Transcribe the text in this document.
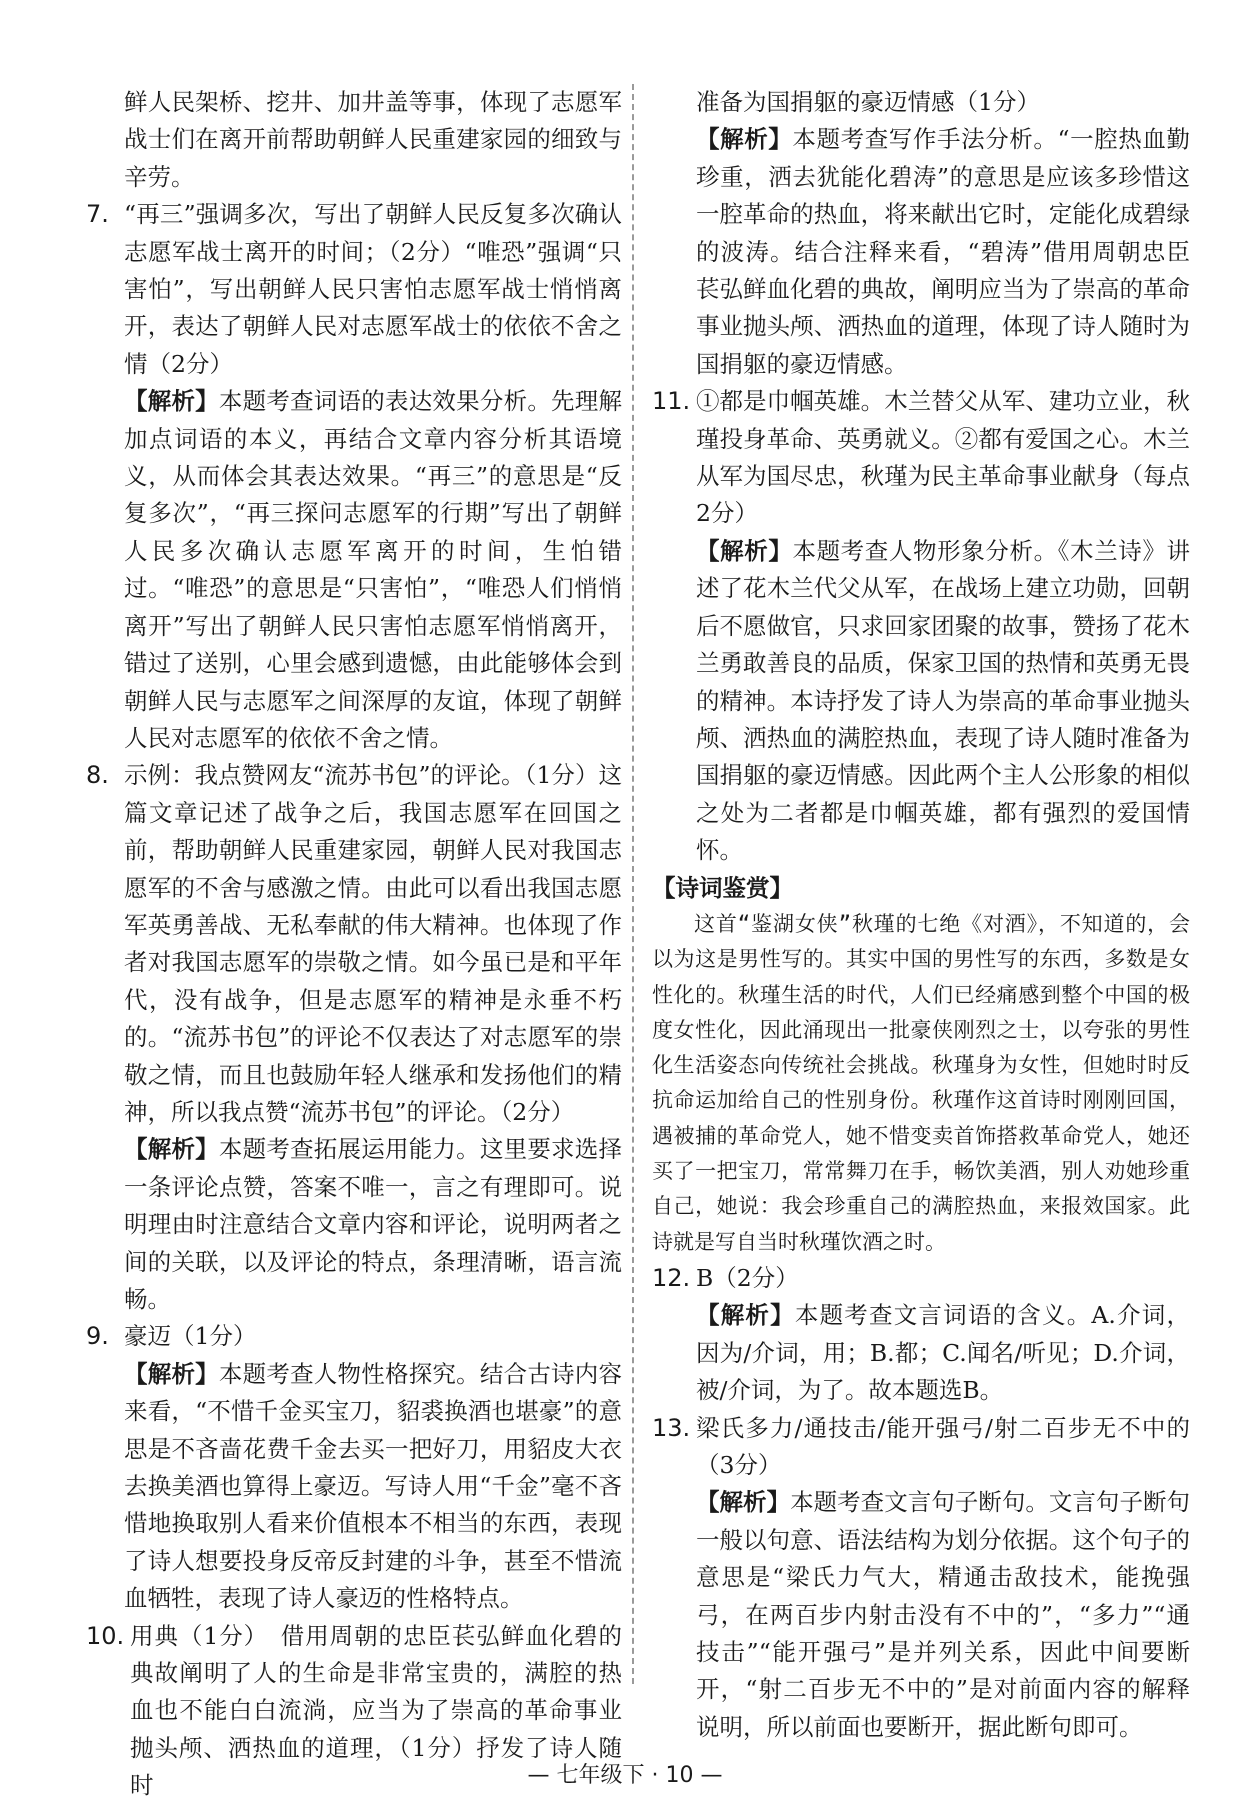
鲜人民架桥、挖井、加井盖等事，体现了志愿军战士们在离开前帮助朝鲜人民重建家园的细致与辛劳。

7. “再三”强调多次，写出了朝鲜人民反复多次确认志愿军战士离开的时间；（2分）“唯恐”强调“只害怕”，写出朝鲜人民只害怕志愿军战士悄悄离开，表达了朝鲜人民对志愿军战士的依依不舍之情（2分）

【解析】本题考查词语的表达效果分析。先理解加点词语的本义，再结合文章内容分析其语境义，从而体会其表达效果。“再三”的意思是“反复多次”，“再三探问志愿军的行期”写出了朝鲜人民多次确认志愿军离开的时间，生怕错过。“唯恐”的意思是“只害怕”，“唯恐人们悄悄离开”写出了朝鲜人民只害怕志愿军悄悄离开，错过了送别，心里会感到遗憾，由此能够体会到朝鲜人民与志愿军之间深厚的友谊，体现了朝鲜人民对志愿军的依依不舍之情。

8. 示例：我点赞网友“流苏书包”的评论。（1分）这篇文章记述了战争之后，我国志愿军在回国之前，帮助朝鲜人民重建家园，朝鲜人民对我国志愿军的不舍与感激之情。由此可以看出我国志愿军英勇善战、无私奉献的伟大精神。也体现了作者对我国志愿军的崇敬之情。如今虽已是和平年代，没有战争，但是志愿军的精神是永垂不朽的。“流苏书包”的评论不仅表达了对志愿军的崇敬之情，而且也鼓励年轻人继承和发扬他们的精神，所以我点赞“流苏书包”的评论。（2分）

【解析】本题考查拓展运用能力。这里要求选择一条评论点赞，答案不唯一，言之有理即可。说明理由时注意结合文章内容和评论，说明两者之间的关联，以及评论的特点，条理清晰，语言流畅。

9. 豪迈（1分）

【解析】本题考查人物性格探究。结合古诗内容来看，“不惜千金买宝刀，貂裘换酒也堪豪”的意思是不吝啬花费千金去买一把好刀，用貂皮大衣去换美酒也算得上豪迈。写诗人用“千金”毫不吝惜地换取别人看来价值根本不相当的东西，表现了诗人想要投身反帝反封建的斗争，甚至不惜流血牺牲，表现了诗人豪迈的性格特点。

10. 用典（1分）　借用周朝的忠臣苌弘鲜血化碧的典故阐明了人的生命是非常宝贵的，满腔的热血也不能白白流淌，应当为了崇高的革命事业抛头颅、洒热血的道理，（1分）抒发了诗人随时

准备为国捐躯的豪迈情感（1分）

【解析】本题考查写作手法分析。“一腔热血勤珍重，洒去犹能化碧涛”的意思是应该多珍惜这一腔革命的热血，将来献出它时，定能化成碧绿的波涛。结合注释来看，“碧涛”借用周朝忠臣苌弘鲜血化碧的典故，阐明应当为了崇高的革命事业抛头颅、洒热血的道理，体现了诗人随时为国捐躯的豪迈情感。

11. ①都是巾帼英雄。木兰替父从军、建功立业，秋瑾投身革命、英勇就义。②都有爱国之心。木兰从军为国尽忠，秋瑾为民主革命事业献身（每点2分）

【解析】本题考查人物形象分析。《木兰诗》讲述了花木兰代父从军，在战场上建立功勋，回朝后不愿做官，只求回家团聚的故事，赞扬了花木兰勇敢善良的品质，保家卫国的热情和英勇无畏的精神。本诗抒发了诗人为崇高的革命事业抛头颅、洒热血的满腔热血，表现了诗人随时准备为国捐躯的豪迈情感。因此两个主人公形象的相似之处为二者都是巾帼英雄，都有强烈的爱国情怀。

【诗词鉴赏】

这首“鉴湖女侠”秋瑾的七绝《对酒》，不知道的，会以为这是男性写的。其实中国的男性写的东西，多数是女性化的。秋瑾生活的时代，人们已经痛感到整个中国的极度女性化，因此涌现出一批豪侠刚烈之士，以夸张的男性化生活姿态向传统社会挑战。秋瑾身为女性，但她时时反抗命运加给自己的性别身份。秋瑾作这首诗时刚刚回国，遇被捕的革命党人，她不惜变卖首饰搭救革命党人，她还买了一把宝刀，常常舞刀在手，畅饮美酒，别人劝她珍重自己，她说：我会珍重自己的满腔热血，来报效国家。此诗就是写自当时秋瑾饮酒之时。

12. B（2分）

【解析】本题考查文言词语的含义。A.介词，因为/介词，用；B.都；C.闻名/听见；D.介词，被/介词，为了。故本题选B。

13. 梁氏多力/通技击/能开强弓/射二百步无不中的（3分）

【解析】本题考查文言句子断句。文言句子断句一般以句意、语法结构为划分依据。这个句子的意思是“梁氏力气大，精通击敌技术，能挽强弓，在两百步内射击没有不中的”，“多力”“通技击”“能开强弓”是并列关系，因此中间要断开，“射二百步无不中的”是对前面内容的解释说明，所以前面也要断开，据此断句即可。

— 七年级下 · 10 —
